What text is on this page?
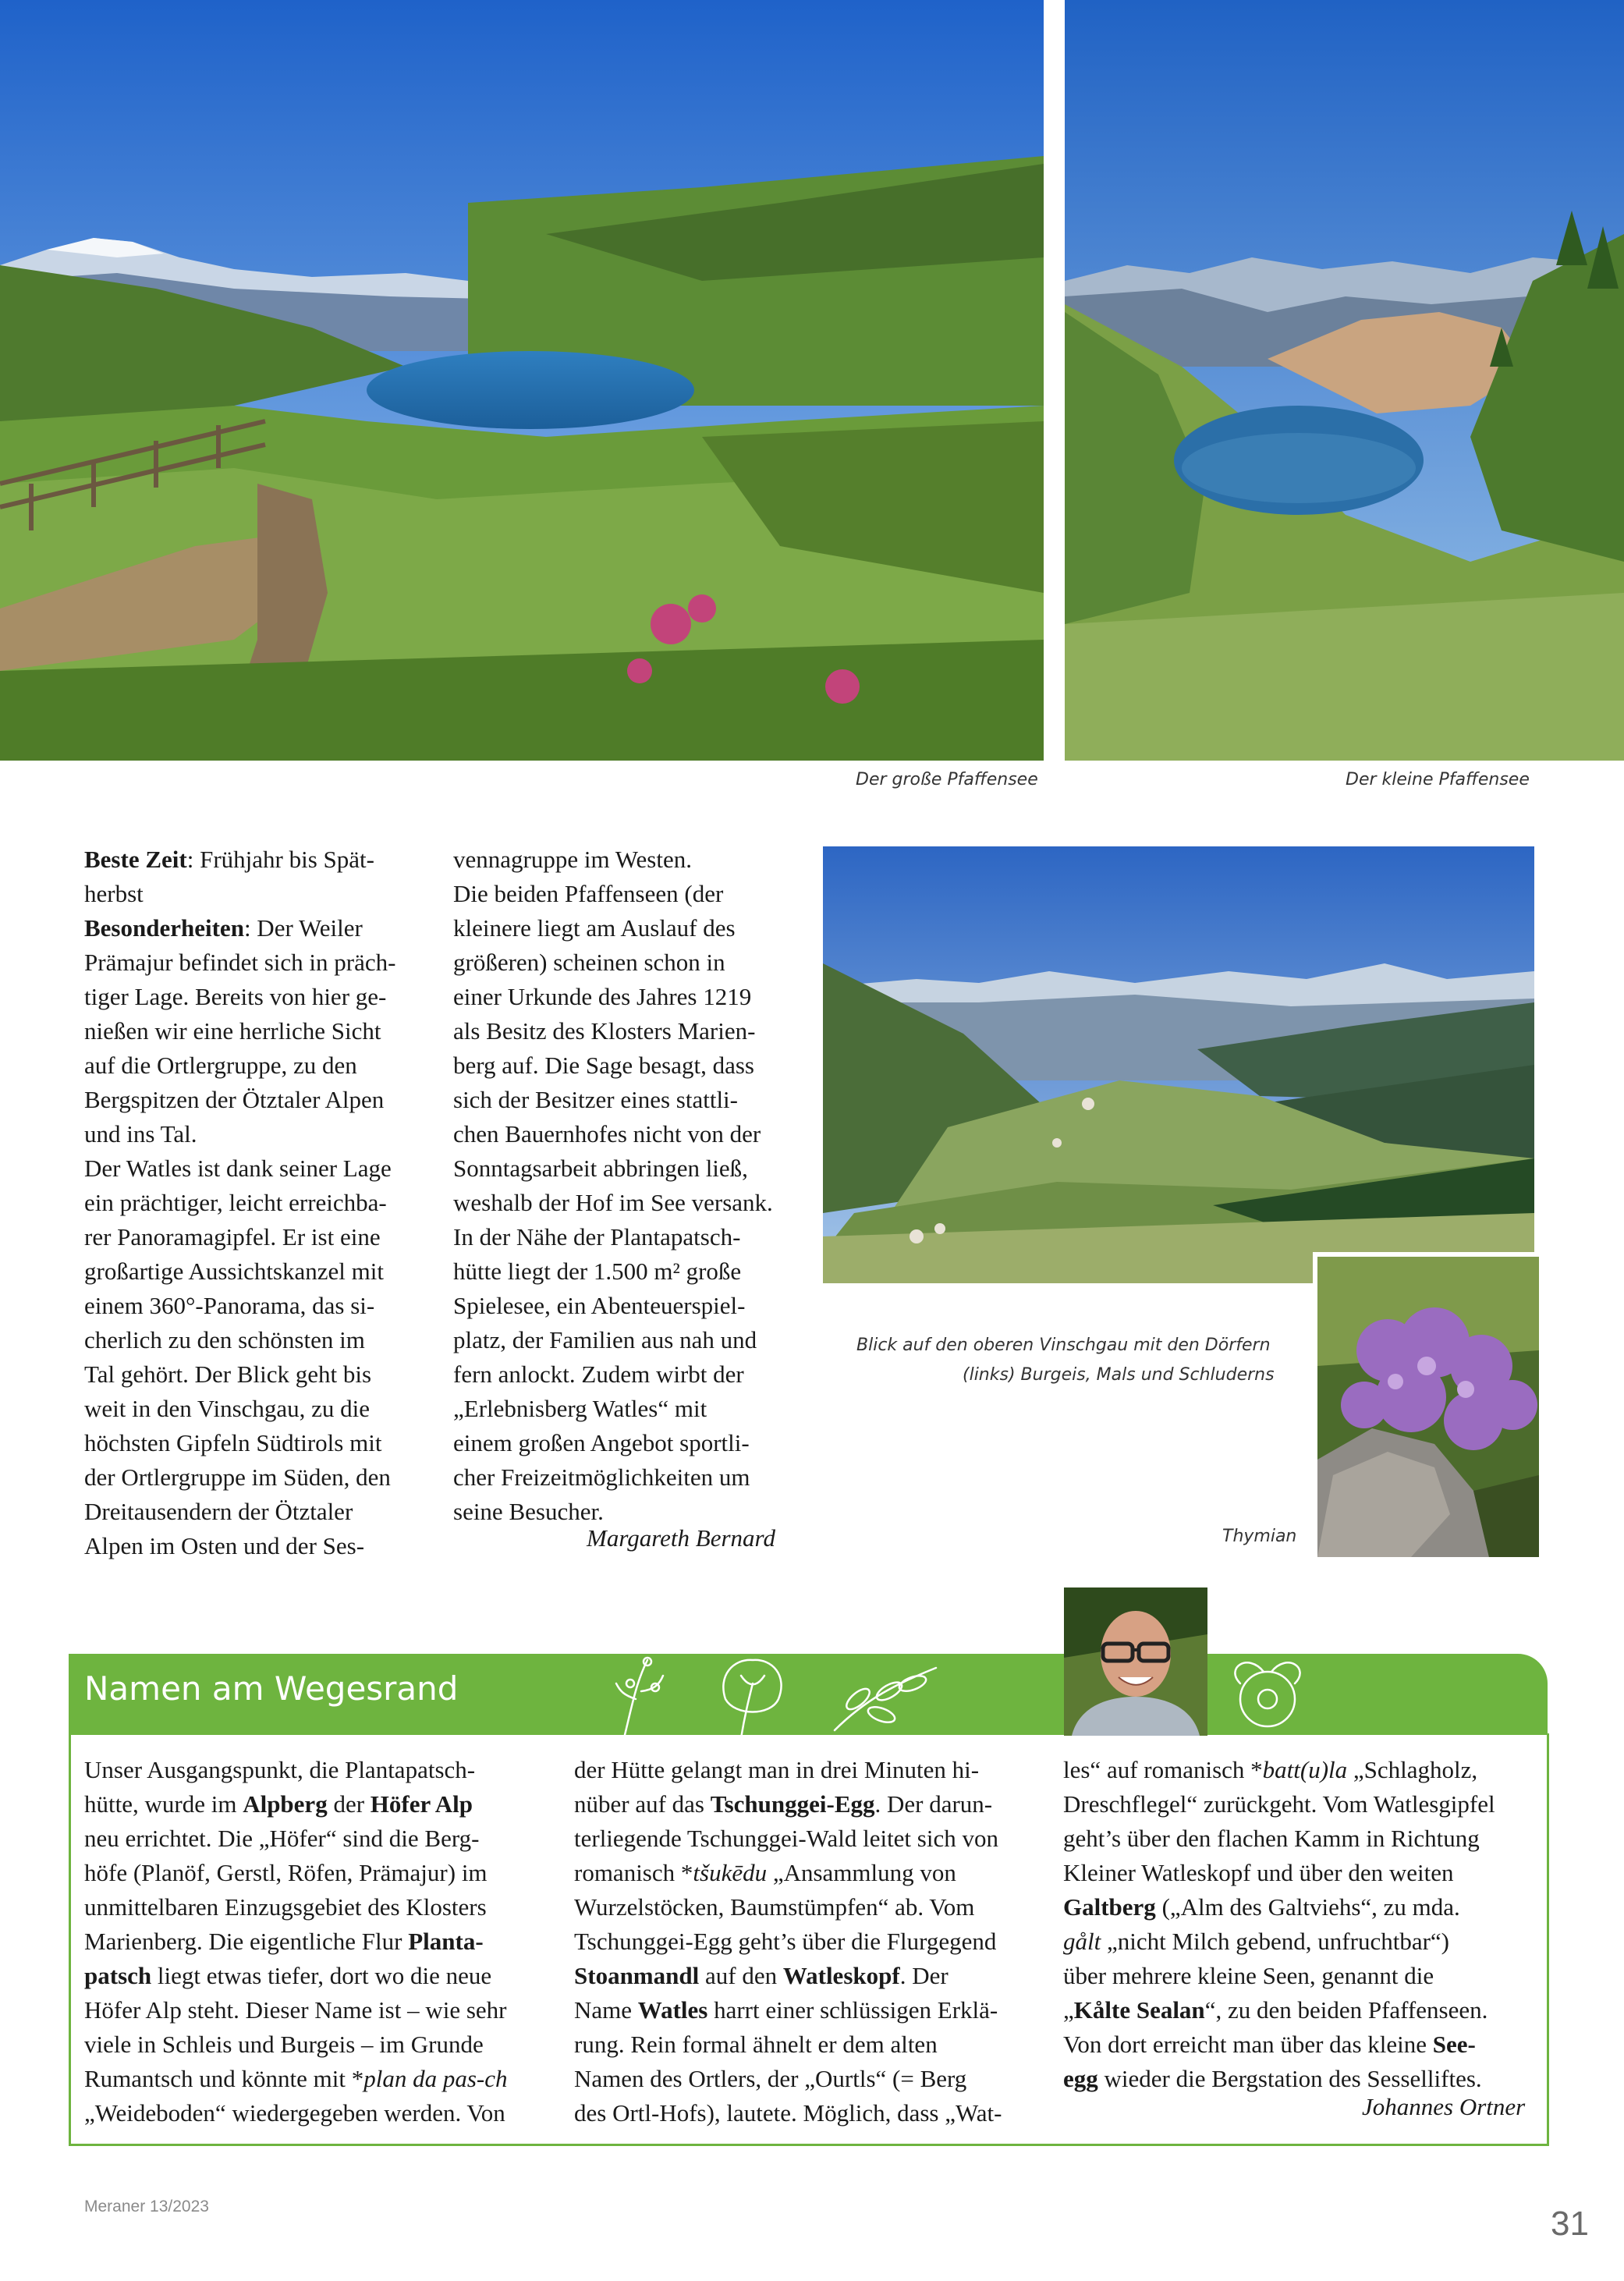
Der große Pfaffensee	Der kleine Pfaffensee

Beste Zeit: Frühjahr bis Spät-

herbst

Besonderheiten: Der Weiler

Prämajur befindet sich in präch-

tiger Lage. Bereits von hier ge-

nießen wir eine herrliche Sicht

auf die Ortlergruppe, zu den

Bergspitzen der Ötztaler Alpen

und ins Tal.

Der Watles ist dank seiner Lage

ein prächtiger, leicht erreichba-

rer Panoramagipfel. Er ist eine

großartige Aussichtskanzel mit

einem 360°-Panorama, das si-

cherlich zu den schönsten im

Tal gehört. Der Blick geht bis

weit in den Vinschgau, zu die

höchsten Gipfeln Südtirols mit

der Ortlergruppe im Süden, den

Dreitausendern der Ötztaler

Alpen im Osten und der Ses-

vennagruppe im Westen.

Die beiden Pfaffenseen (der

kleinere liegt am Auslauf des

größeren) scheinen schon in

einer Urkunde des Jahres 1219

als Besitz des Klosters Marien-

berg auf. Die Sage besagt, dass

sich der Besitzer eines stattli-

chen Bauernhofes nicht von der

Sonntagsarbeit abbringen ließ,

weshalb der Hof im See versank.

In der Nähe der Plantapatsch-

hütte liegt der 1.500 m² große

Spielesee, ein Abenteuerspiel-

platz, der Familien aus nah und

fern anlockt. Zudem wirbt der

„Erlebnisberg Watles“ mit

einem großen Angebot sportli-

cher Freizeitmöglichkeiten um

seine Besucher.

Margareth Bernard
Blick auf den oberen Vinschgau mit den Dörfern
(links) Burgeis, Mals und Schluderns
Thymian
Namen am Wegesrand

Unser Ausgangspunkt, die Plantapatsch-

hütte, wurde im Alpberg der Höfer Alp

neu errichtet. Die „Höfer“ sind die Berg-

höfe (Planöf, Gerstl, Röfen, Prämajur) im

unmittelbaren Einzugsgebiet des Klosters

Marienberg. Die eigentliche Flur Planta-

patsch liegt etwas tiefer, dort wo die neue

Höfer Alp steht. Dieser Name ist – wie sehr

viele in Schleis und Burgeis – im Grunde

Rumantsch und könnte mit *plan da pas-ch

„Weideboden“ wiedergegeben werden. Von

der Hütte gelangt man in drei Minuten hi-

nüber auf das Tschunggei-Egg. Der darun-

terliegende Tschunggei-Wald leitet sich von

romanisch *tšukēdu „Ansammlung von

Wurzelstöcken, Baumstümpfen“ ab. Vom

Tschunggei-Egg geht’s über die Flurgegend

Stoanmandl auf den Watleskopf. Der

Name Watles harrt einer schlüssigen Erklä-

rung. Rein formal ähnelt er dem alten

Namen des Ortlers, der „Ourtls“ (= Berg

des Ortl-Hofs), lautete. Möglich, dass „Wat-

les“ auf romanisch *batt(u)la „Schlagholz,

Dreschflegel“ zurückgeht. Vom Watlesgipfel

geht’s über den flachen Kamm in Richtung

Kleiner Watleskopf und über den weiten

Galtberg („Alm des Galtviehs“, zu mda.

gålt „nicht Milch gebend, unfruchtbar“)

über mehrere kleine Seen, genannt die

„Kålte Sealan“, zu den beiden Pfaffenseen.

Von dort erreicht man über das kleine See-

egg wieder die Bergstation des Sesselliftes.

Johannes Ortner
Meraner 13/2023	31
